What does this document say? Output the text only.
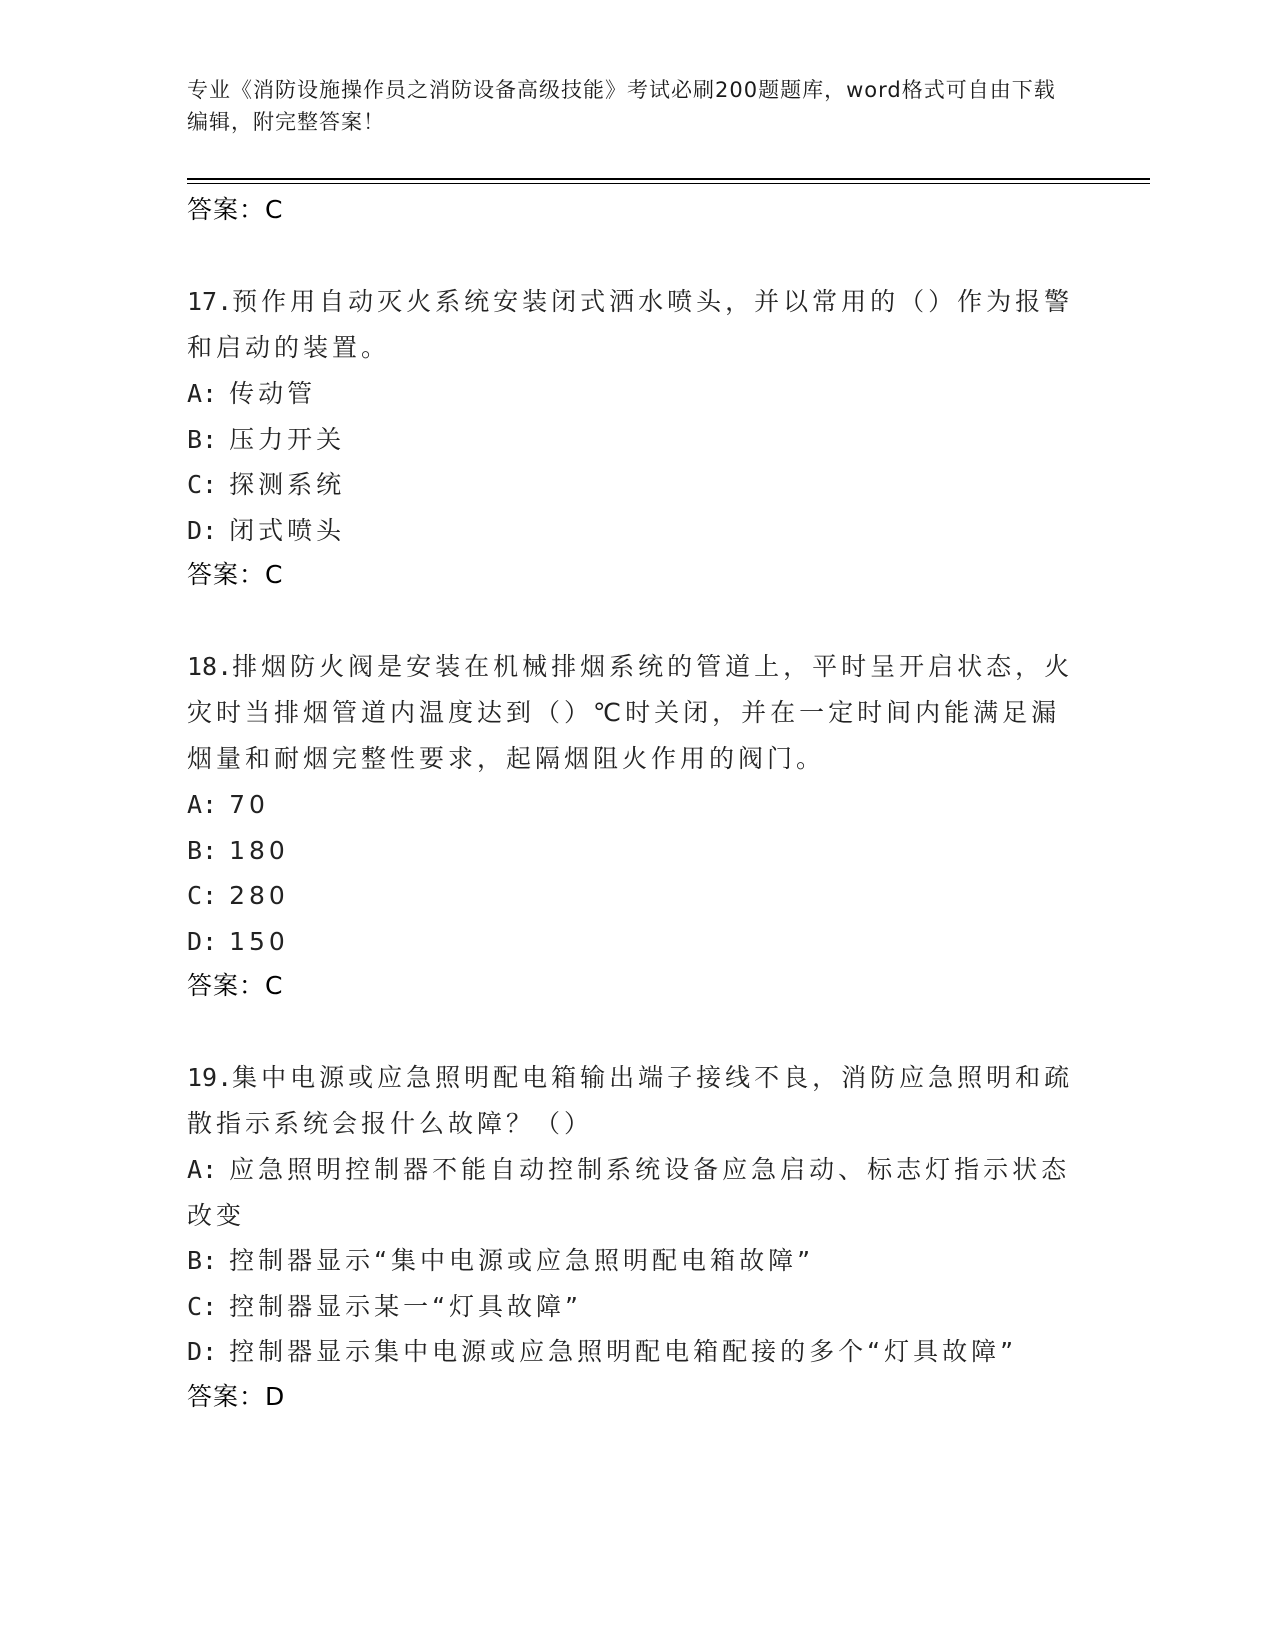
专业《消防设施操作员之消防设备高级技能》考试必刷200题题库，word格式可自由下载编辑，附完整答案！
答案：C
17.预作用自动灭火系统安装闭式洒水喷头，并以常用的（）作为报警和启动的装置。
A: 传动管
B: 压力开关
C: 探测系统
D: 闭式喷头
答案：C
18.排烟防火阀是安装在机械排烟系统的管道上，平时呈开启状态，火灾时当排烟管道内温度达到（）℃时关闭，并在一定时间内能满足漏烟量和耐烟完整性要求，起隔烟阻火作用的阀门。
A: 70
B: 180
C: 280
D: 150
答案：C
19.集中电源或应急照明配电箱输出端子接线不良，消防应急照明和疏散指示系统会报什么故障？（）
A: 应急照明控制器不能自动控制系统设备应急启动、标志灯指示状态改变
B: 控制器显示“集中电源或应急照明配电箱故障”
C: 控制器显示某一“灯具故障”
D: 控制器显示集中电源或应急照明配电箱配接的多个“灯具故障”
答案：D
